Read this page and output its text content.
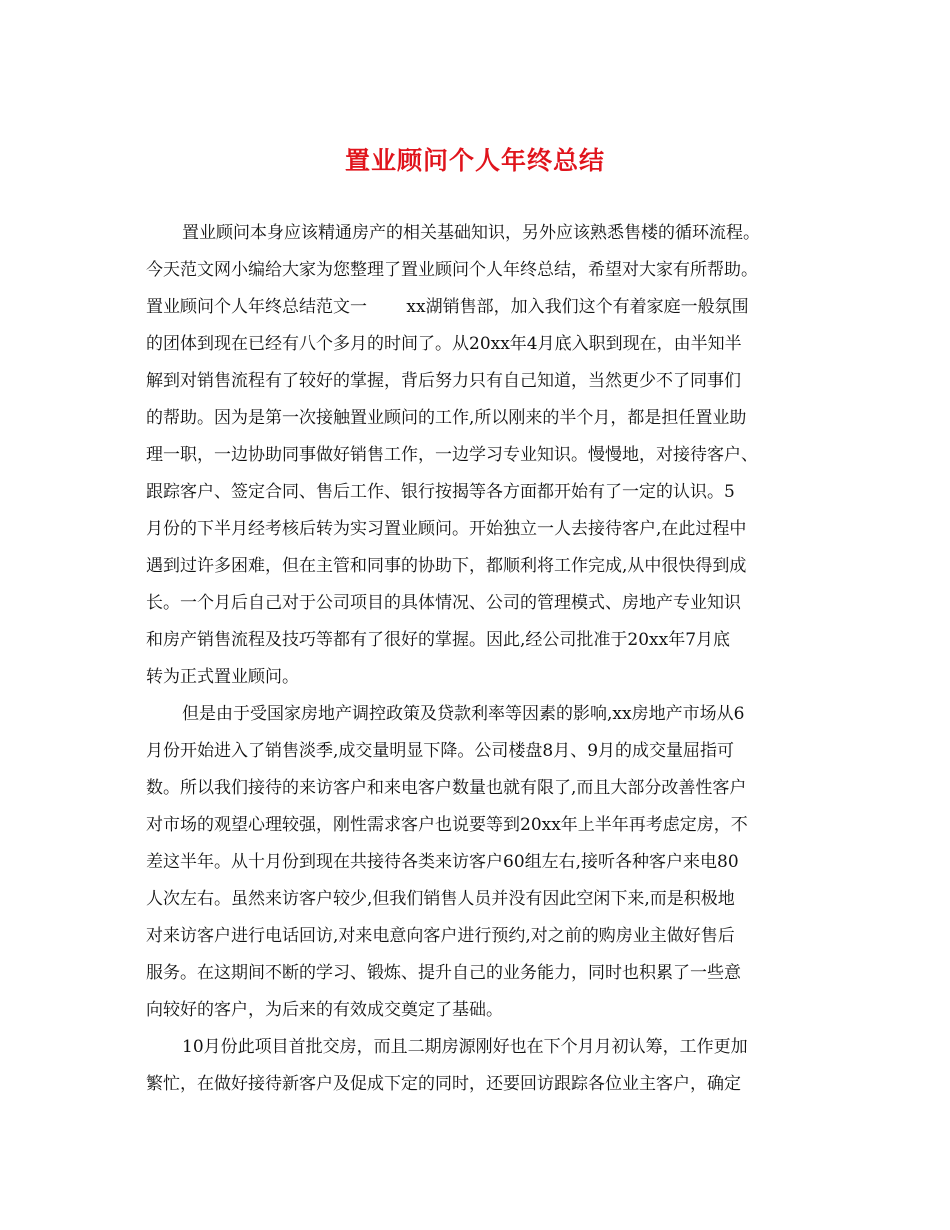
置业顾问个人年终总结

置业顾问本身应该精通房产的相关基础知识，另外应该熟悉售楼的循环流程。

今天范文网小编给大家为您整理了置业顾问个人年终总结，希望对大家有所帮助。

置业顾问个人年终总结范文一　　 xx湖销售部，加入我们这个有着家庭一般氛围

的团体到现在已经有八个多月的时间了。从20xx年4月底入职到现在，由半知半

解到对销售流程有了较好的掌握，背后努力只有自己知道，当然更少不了同事们

的帮助。因为是第一次接触置业顾问的工作,所以刚来的半个月，都是担任置业助

理一职，一边协助同事做好销售工作，一边学习专业知识。慢慢地，对接待客户、

跟踪客户、签定合同、售后工作、银行按揭等各方面都开始有了一定的认识。5

月份的下半月经考核后转为实习置业顾问。开始独立一人去接待客户,在此过程中

遇到过许多困难，但在主管和同事的协助下，都顺利将工作完成,从中很快得到成

长。一个月后自己对于公司项目的具体情况、公司的管理模式、房地产专业知识

和房产销售流程及技巧等都有了很好的掌握。因此,经公司批准于20xx年7月底

转为正式置业顾问。

但是由于受国家房地产调控政策及贷款利率等因素的影响,xx房地产市场从6

月份开始进入了销售淡季,成交量明显下降。公司楼盘8月、9月的成交量屈指可

数。所以我们接待的来访客户和来电客户数量也就有限了,而且大部分改善性客户

对市场的观望心理较强，刚性需求客户也说要等到20xx年上半年再考虑定房，不

差这半年。从十月份到现在共接待各类来访客户60组左右,接听各种客户来电80

人次左右。虽然来访客户较少,但我们销售人员并没有因此空闲下来,而是积极地

对来访客户进行电话回访,对来电意向客户进行预约,对之前的购房业主做好售后

服务。在这期间不断的学习、锻炼、提升自己的业务能力，同时也积累了一些意

向较好的客户，为后来的有效成交奠定了基础。

10月份此项目首批交房，而且二期房源刚好也在下个月月初认筹，工作更加

繁忙，在做好接待新客户及促成下定的同时，还要回访跟踪各位业主客户，确定
